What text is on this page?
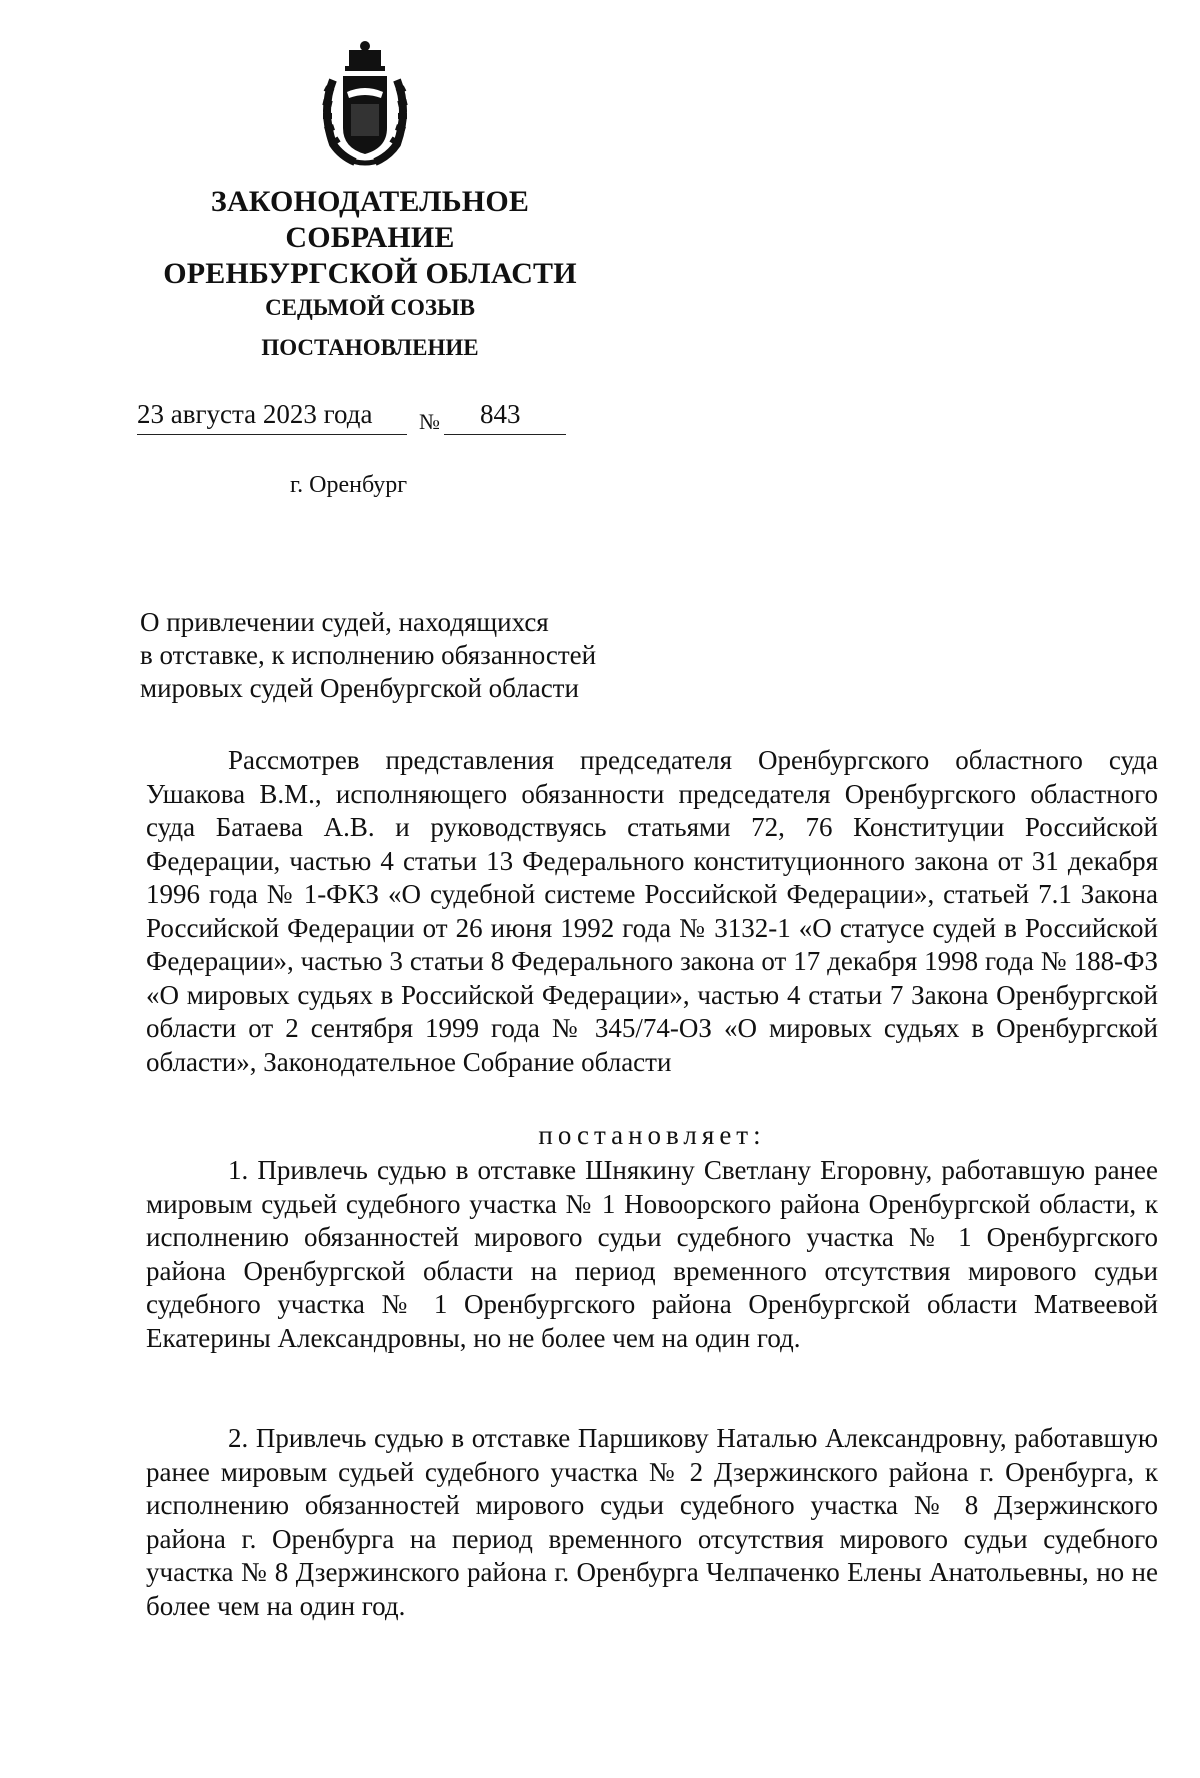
ЗАКОНОДАТЕЛЬНОЕ
СОБРАНИЕ
ОРЕНБУРГСКОЙ ОБЛАСТИ
СЕДЬМОЙ СОЗЫВ
ПОСТАНОВЛЕНИЕ
23 августа 2023 года № 843
г. Оренбург
О привлечении судей, находящихся
в отставке, к исполнению обязанностей
мировых судей Оренбургской области

Рассмотрев представления председателя Оренбургского областного суда Ушакова В.М., исполняющего обязанности председателя Оренбургского областного суда Батаева А.В. и руководствуясь статьями 72, 76 Конституции Российской Федерации, частью 4 статьи 13 Федерального конституционного закона от 31 декабря 1996 года № 1-ФКЗ «О судебной системе Российской Федерации», статьей 7.1 Закона Российской Федерации от 26 июня 1992 года № 3132-1 «О статусе судей в Российской Федерации», частью 3 статьи 8 Федерального закона от 17 декабря 1998 года № 188-ФЗ «О мировых судьях в Российской Федерации», частью 4 статьи 7 Закона Оренбургской области от 2 сентября 1999 года № 345/74-ОЗ «О мировых судьях в Оренбургской области», Законодательное Собрание области

постановляет:

1. Привлечь судью в отставке Шнякину Светлану Егоровну, работавшую ранее мировым судьей судебного участка № 1 Новоорского района Оренбургской области, к исполнению обязанностей мирового судьи судебного участка № 1 Оренбургского района Оренбургской области на период временного отсутствия мирового судьи судебного участка № 1 Оренбургского района Оренбургской области Матвеевой Екатерины Александровны, но не более чем на один год.

2. Привлечь судью в отставке Паршикову Наталью Александровну, работавшую ранее мировым судьей судебного участка № 2 Дзержинского района г. Оренбурга, к исполнению обязанностей мирового судьи судебного участка № 8 Дзержинского района г. Оренбурга на период временного отсутствия мирового судьи судебного участка № 8 Дзержинского района г. Оренбурга Челпаченко Елены Анатольевны, но не более чем на один год.
